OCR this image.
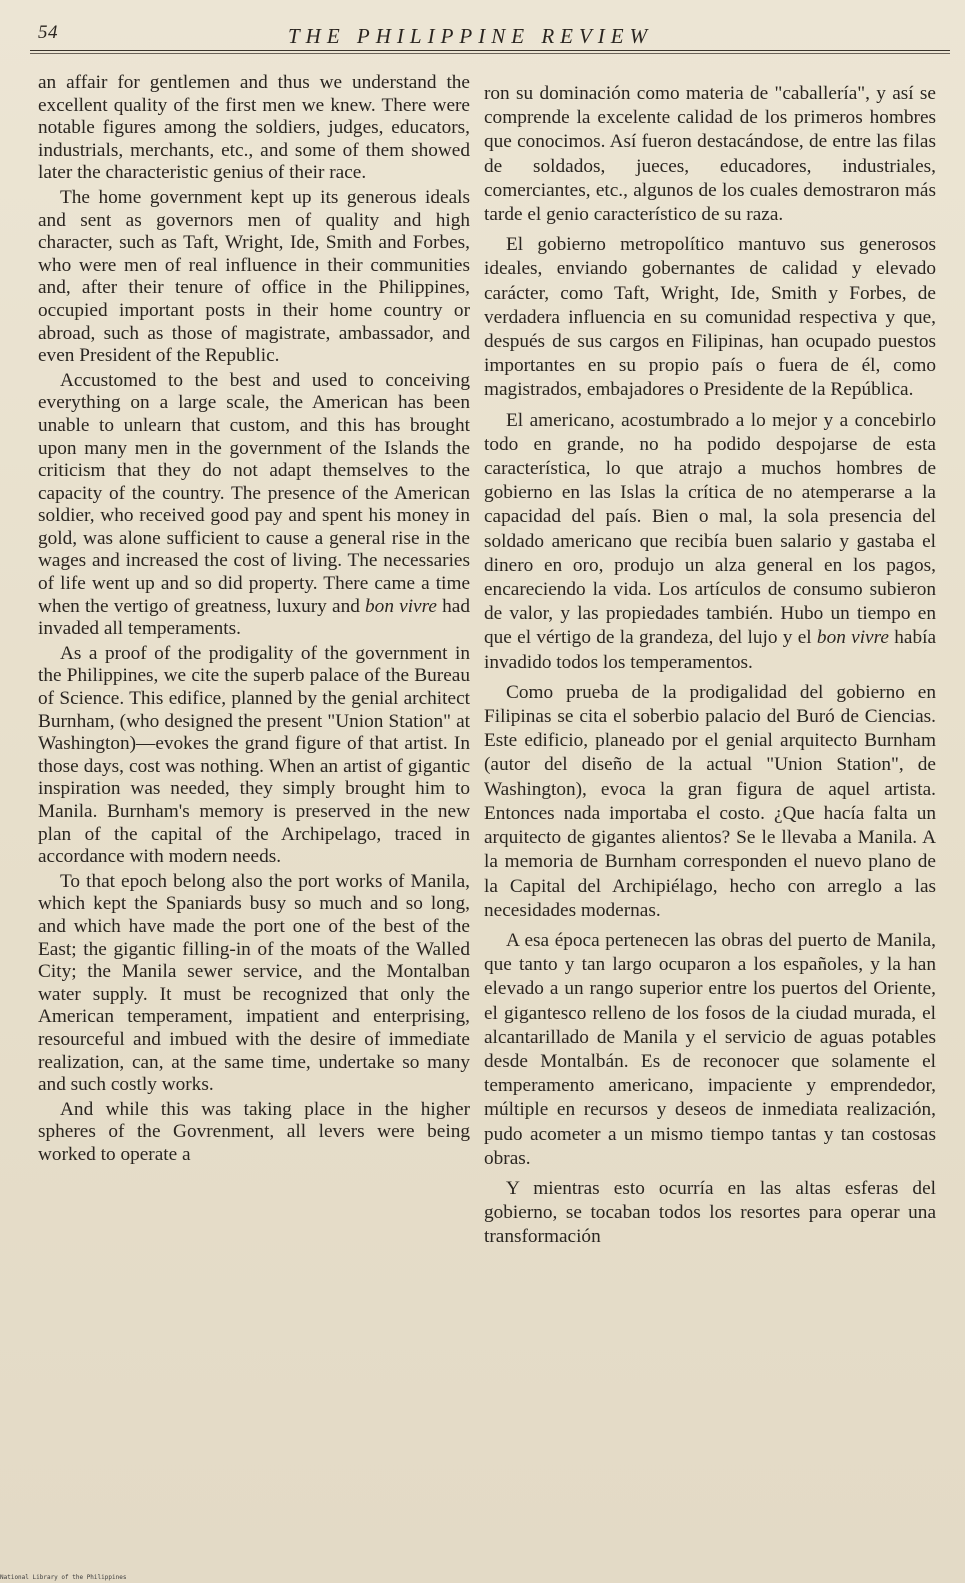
54	THE PHILIPPINE REVIEW

an affair for gentlemen and thus we understand the excellent quality of the first men we knew. There were notable figures among the soldiers, judges, educators, industrials, merchants, etc., and some of them showed later the characteristic genius of their race.

The home government kept up its generous ideals and sent as governors men of quality and high character, such as Taft, Wright, Ide, Smith and Forbes, who were men of real influence in their communities and, after their tenure of office in the Philippines, occupied important posts in their home country or abroad, such as those of magistrate, ambassador, and even President of the Republic.

Accustomed to the best and used to conceiving everything on a large scale, the American has been unable to unlearn that custom, and this has brought upon many men in the government of the Islands the criticism that they do not adapt themselves to the capacity of the country. The presence of the American soldier, who received good pay and spent his money in gold, was alone sufficient to cause a general rise in the wages and increased the cost of living. The necessaries of life went up and so did property. There came a time when the vertigo of greatness, luxury and bon vivre had invaded all temperaments.

As a proof of the prodigality of the government in the Philippines, we cite the superb palace of the Bureau of Science. This edifice, planned by the genial architect Burnham, (who designed the present "Union Station" at Washington)—evokes the grand figure of that artist. In those days, cost was nothing. When an artist of gigantic inspiration was needed, they simply brought him to Manila. Burnham's memory is preserved in the new plan of the capital of the Archipelago, traced in accordance with modern needs.

To that epoch belong also the port works of Manila, which kept the Spaniards busy so much and so long, and which have made the port one of the best of the East; the gigantic filling-in of the moats of the Walled City; the Manila sewer service, and the Montalban water supply. It must be recognized that only the American temperament, impatient and enterprising, resourceful and imbued with the desire of immediate realization, can, at the same time, undertake so many and such costly works.

And while this was taking place in the higher spheres of the Govrenment, all levers were being worked to operate a

ron su dominación como materia de "caballería", y así se comprende la excelente calidad de los primeros hombres que conocimos. Así fueron destacándose, de entre las filas de soldados, jueces, educadores, industriales, comerciantes, etc., algunos de los cuales demostraron más tarde el genio característico de su raza.

El gobierno metropolítico mantuvo sus generosos ideales, enviando gobernantes de calidad y elevado carácter, como Taft, Wright, Ide, Smith y Forbes, de verdadera influencia en su comunidad respectiva y que, después de sus cargos en Filipinas, han ocupado puestos importantes en su propio país o fuera de él, como magistrados, embajadores o Presidente de la República.

El americano, acostumbrado a lo mejor y a concebirlo todo en grande, no ha podido despojarse de esta característica, lo que atrajo a muchos hombres de gobierno en las Islas la crítica de no atemperarse a la capacidad del país. Bien o mal, la sola presencia del soldado americano que recibía buen salario y gastaba el dinero en oro, produjo un alza general en los pagos, encareciendo la vida. Los artículos de consumo subieron de valor, y las propiedades también. Hubo un tiempo en que el vértigo de la grandeza, del lujo y el bon vivre había invadido todos los temperamentos.

Como prueba de la prodigalidad del gobierno en Filipinas se cita el soberbio palacio del Buró de Ciencias. Este edificio, planeado por el genial arquitecto Burnham (autor del diseño de la actual "Union Station", de Washington), evoca la gran figura de aquel artista. Entonces nada importaba el costo. ¿Que hacía falta un arquitecto de gigantes alientos? Se le llevaba a Manila. A la memoria de Burnham corresponden el nuevo plano de la Capital del Archipiélago, hecho con arreglo a las necesidades modernas.

A esa época pertenecen las obras del puerto de Manila, que tanto y tan largo ocuparon a los españoles, y la han elevado a un rango superior entre los puertos del Oriente, el gigantesco relleno de los fosos de la ciudad murada, el alcantarillado de Manila y el servicio de aguas potables desde Montalbán. Es de reconocer que solamente el temperamento americano, impaciente y emprendedor, múltiple en recursos y deseos de inmediata realización, pudo acometer a un mismo tiempo tantas y tan costosas obras.

Y mientras esto ocurría en las altas esferas del gobierno, se tocaban todos los resortes para operar una transformación

National Library of the Philippines
